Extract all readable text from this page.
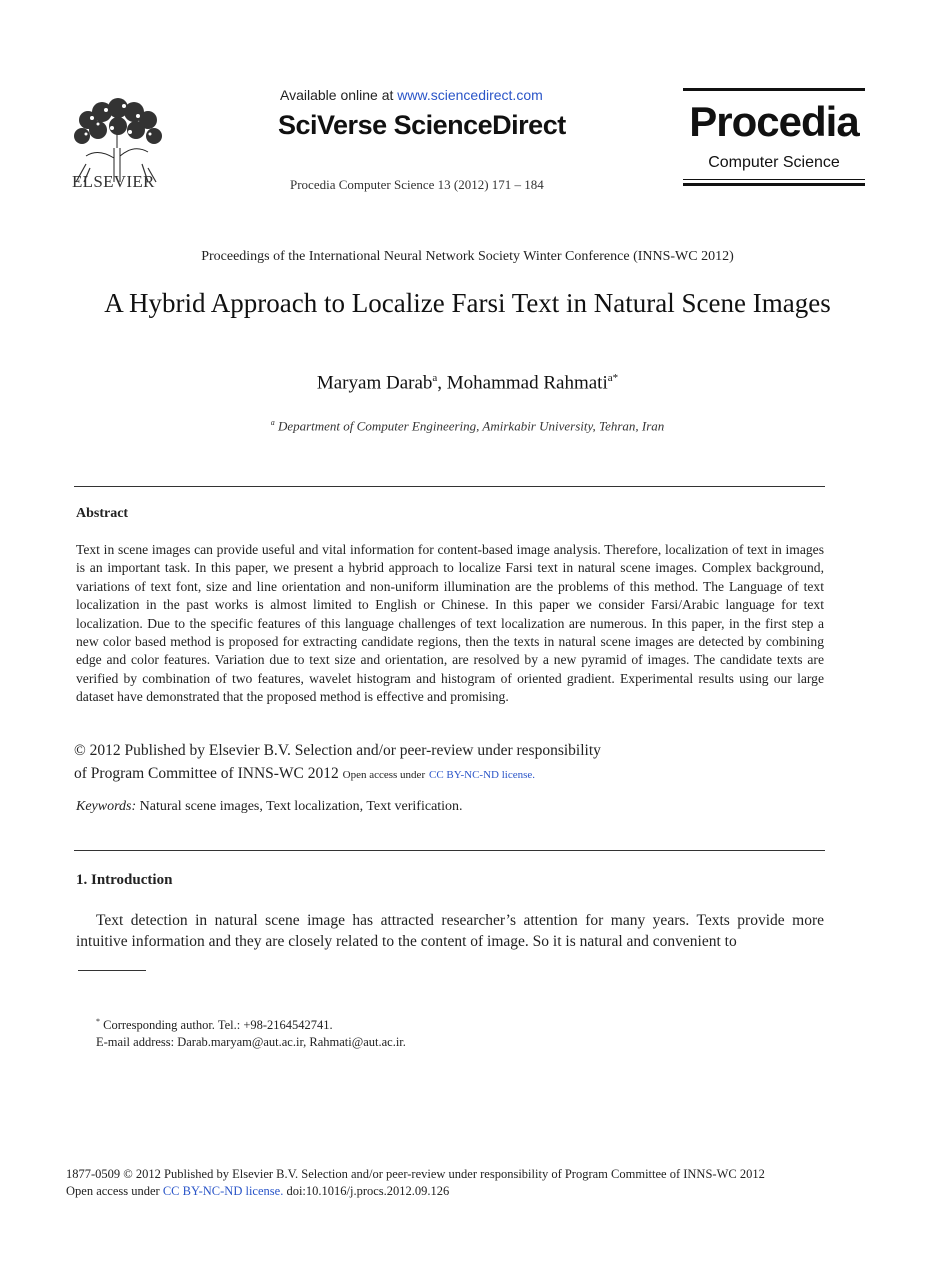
ELSEVIER
Available online at www.sciencedirect.com
SciVerse ScienceDirect
Procedia Computer Science 13 (2012) 171 – 184
Procedia
Computer Science
Proceedings of the International Neural Network Society Winter Conference (INNS-WC 2012)
A Hybrid Approach to Localize Farsi Text in Natural Scene Images
Maryam Darab$^a$, Mohammad Rahmati$^{a*}$
$^a$ Department of Computer Engineering, Amirkabir University, Tehran, Iran
Abstract
Text in scene images can provide useful and vital information for content-based image analysis. Therefore, localization of text in images is an important task. In this paper, we present a hybrid approach to localize Farsi text in natural scene images. Complex background, variations of text font, size and line orientation and non-uniform illumination are the problems of this method. The Language of text localization in the past works is almost limited to English or Chinese. In this paper we consider Farsi/Arabic language for text localization. Due to the specific features of this language challenges of text localization are numerous. In this paper, in the first step a new color based method is proposed for extracting candidate regions, then the texts in natural scene images are detected by combining edge and color features. Variation due to text size and orientation, are resolved by a new pyramid of images. The candidate texts are verified by combination of two features, wavelet histogram and histogram of oriented gradient. Experimental results using our large dataset have demonstrated that the proposed method is effective and promising.
© 2012 Published by Elsevier B.V. Selection and/or peer-review under responsibility
of Program Committee of INNS-WC 2012 Open access under CC BY-NC-ND license.
Keywords: Natural scene images, Text localization, Text verification.
1. Introduction
Text detection in natural scene image has attracted researcher’s attention for many years. Texts provide more intuitive information and they are closely related to the content of image. So it is natural and convenient to
* Corresponding author. Tel.: +98-2164542741.
E-mail address: Darab.maryam@aut.ac.ir, Rahmati@aut.ac.ir.
1877-0509 © 2012 Published by Elsevier B.V. Selection and/or peer-review under responsibility of Program Committee of INNS-WC 2012
Open access under CC BY-NC-ND license. doi:10.1016/j.procs.2012.09.126
